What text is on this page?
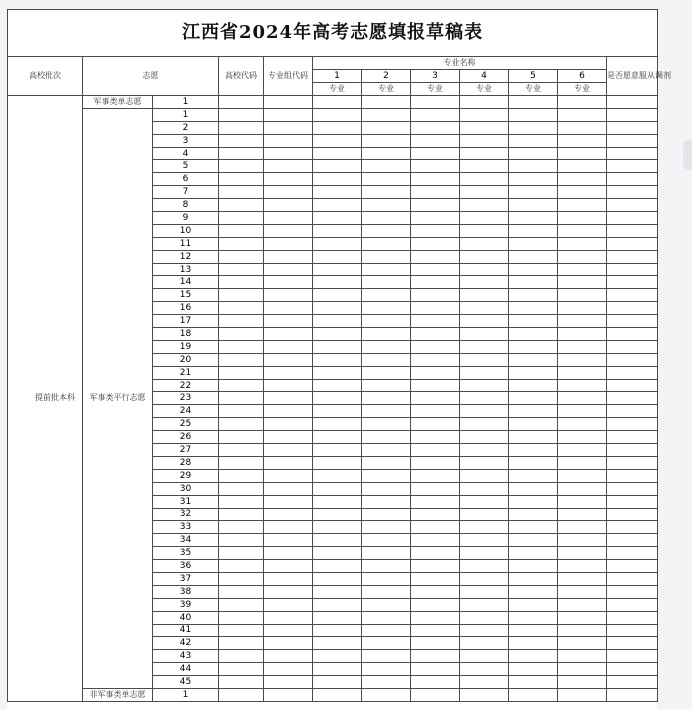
江西省2024年高考志愿填报草稿表											
高校批次	志愿		高校代码	专业组代码	专业名称						是否愿意服从调剂
					1	2	3	4	5	6	
					专业	专业	专业	专业	专业	专业	
提前批本科	军事类单志愿	1									
	军事类平行志愿	1									
		2									
		3									
		4									
		5									
		6									
		7									
		8									
		9									
		10									
		11									
		12									
		13									
		14									
		15									
		16									
		17									
		18									
		19									
		20									
		21									
		22									
		23									
		24									
		25									
		26									
		27									
		28									
		29									
		30									
		31									
		32									
		33									
		34									
		35									
		36									
		37									
		38									
		39									
		40									
		41									
		42									
		43									
		44									
		45									
	非军事类单志愿	1									
